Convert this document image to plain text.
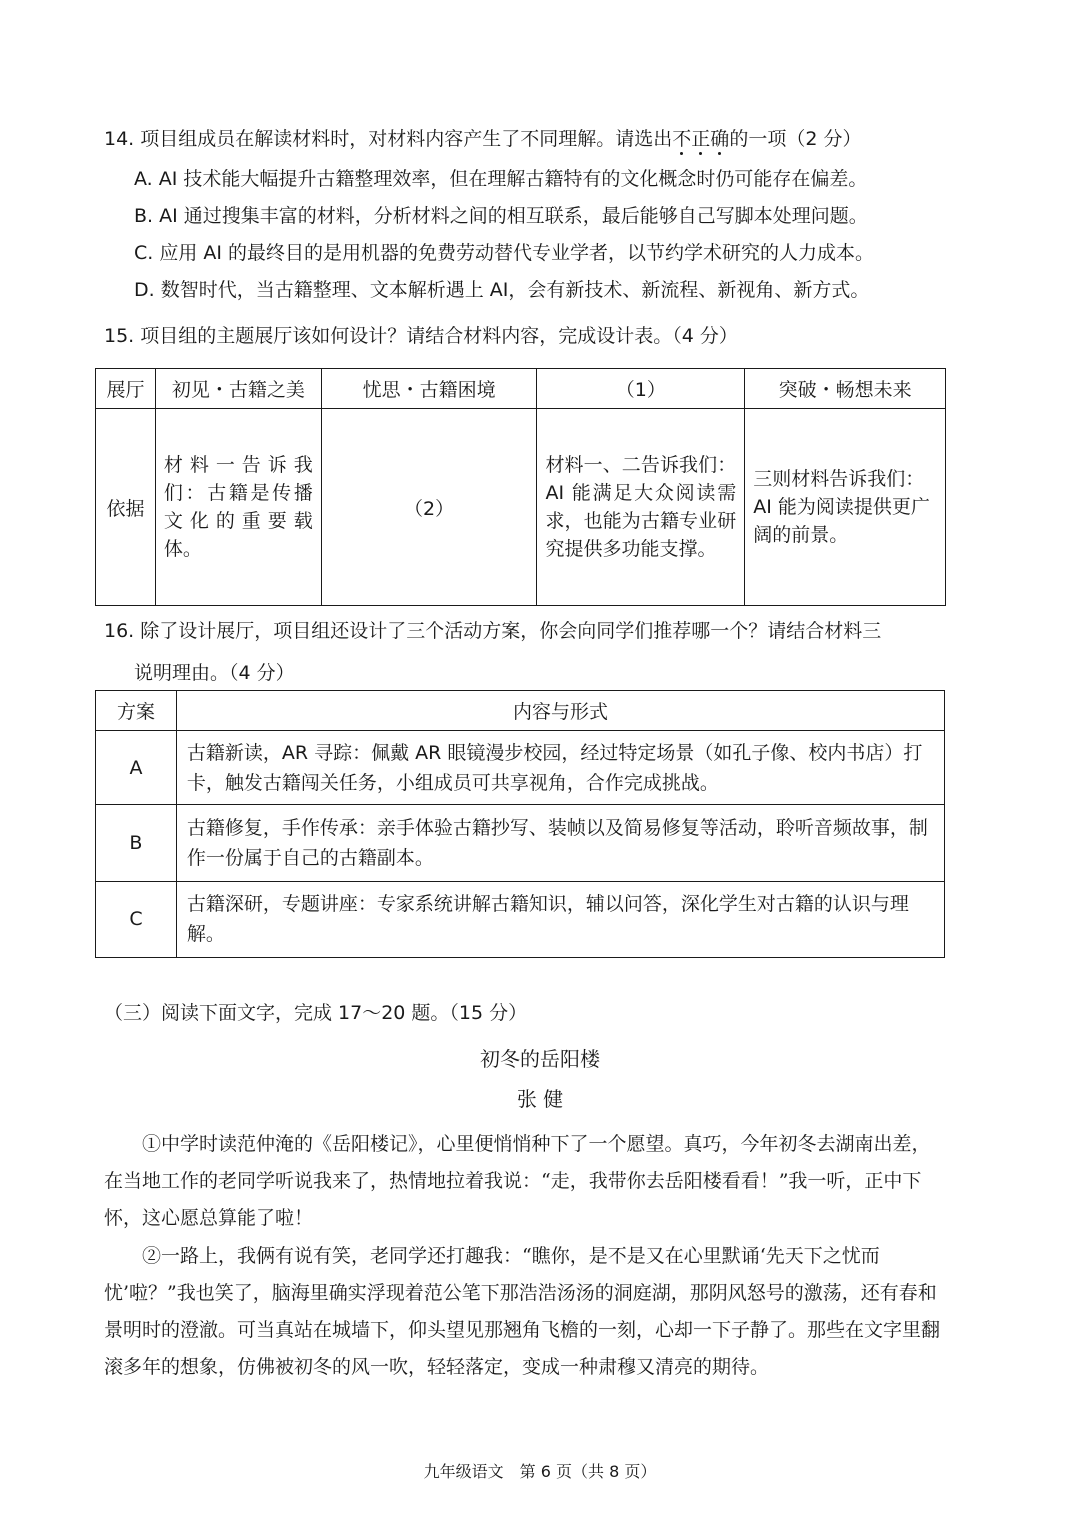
14. 项目组成员在解读材料时，对材料内容产生了不同理解。请选出不正确的一项（2 分）
A. AI 技术能大幅提升古籍整理效率，但在理解古籍特有的文化概念时仍可能存在偏差。
B. AI 通过搜集丰富的材料，分析材料之间的相互联系，最后能够自己写脚本处理问题。
C. 应用 AI 的最终目的是用机器的免费劳动替代专业学者，以节约学术研究的人力成本。
D. 数智时代，当古籍整理、文本解析遇上 AI，会有新技术、新流程、新视角、新方式。
15. 项目组的主题展厅该如何设计？请结合材料内容，完成设计表。（4 分）
展厅	初见・古籍之美	忧思・古籍困境	（1）	突破・畅想未来
依据	材料一告诉我们：古籍是传播文化的重要载体。	（2）	材料一、二告诉我们：AI 能满足大众阅读需求，也能为古籍专业研究提供多功能支撑。	三则材料告诉我们：AI 能为阅读提供更广阔的前景。
16. 除了设计展厅，项目组还设计了三个活动方案，你会向同学们推荐哪一个？请结合材料三
说明理由。（4 分）
方案	内容与形式
A	古籍新读，AR 寻踪：佩戴 AR 眼镜漫步校园，经过特定场景（如孔子像、校内书店）打卡，触发古籍闯关任务，小组成员可共享视角，合作完成挑战。
B	古籍修复，手作传承：亲手体验古籍抄写、装帧以及简易修复等活动，聆听音频故事，制作一份属于自己的古籍副本。
C	古籍深研，专题讲座：专家系统讲解古籍知识，辅以问答，深化学生对古籍的认识与理解。
（三）阅读下面文字，完成 17～20 题。（15 分）
初冬的岳阳楼
张 健
①中学时读范仲淹的《岳阳楼记》，心里便悄悄种下了一个愿望。真巧，今年初冬去湖南出差，在当地工作的老同学听说我来了，热情地拉着我说：“走，我带你去岳阳楼看看！”我一听，正中下怀，这心愿总算能了啦！
②一路上，我俩有说有笑，老同学还打趣我：“瞧你，是不是又在心里默诵‘先天下之忧而忧’啦？”我也笑了，脑海里确实浮现着范公笔下那浩浩汤汤的洞庭湖，那阴风怒号的激荡，还有春和景明时的澄澈。可当真站在城墙下，仰头望见那翘角飞檐的一刻，心却一下子静了。那些在文字里翻滚多年的想象，仿佛被初冬的风一吹，轻轻落定，变成一种肃穆又清亮的期待。
九年级语文　第 6 页（共 8 页）
